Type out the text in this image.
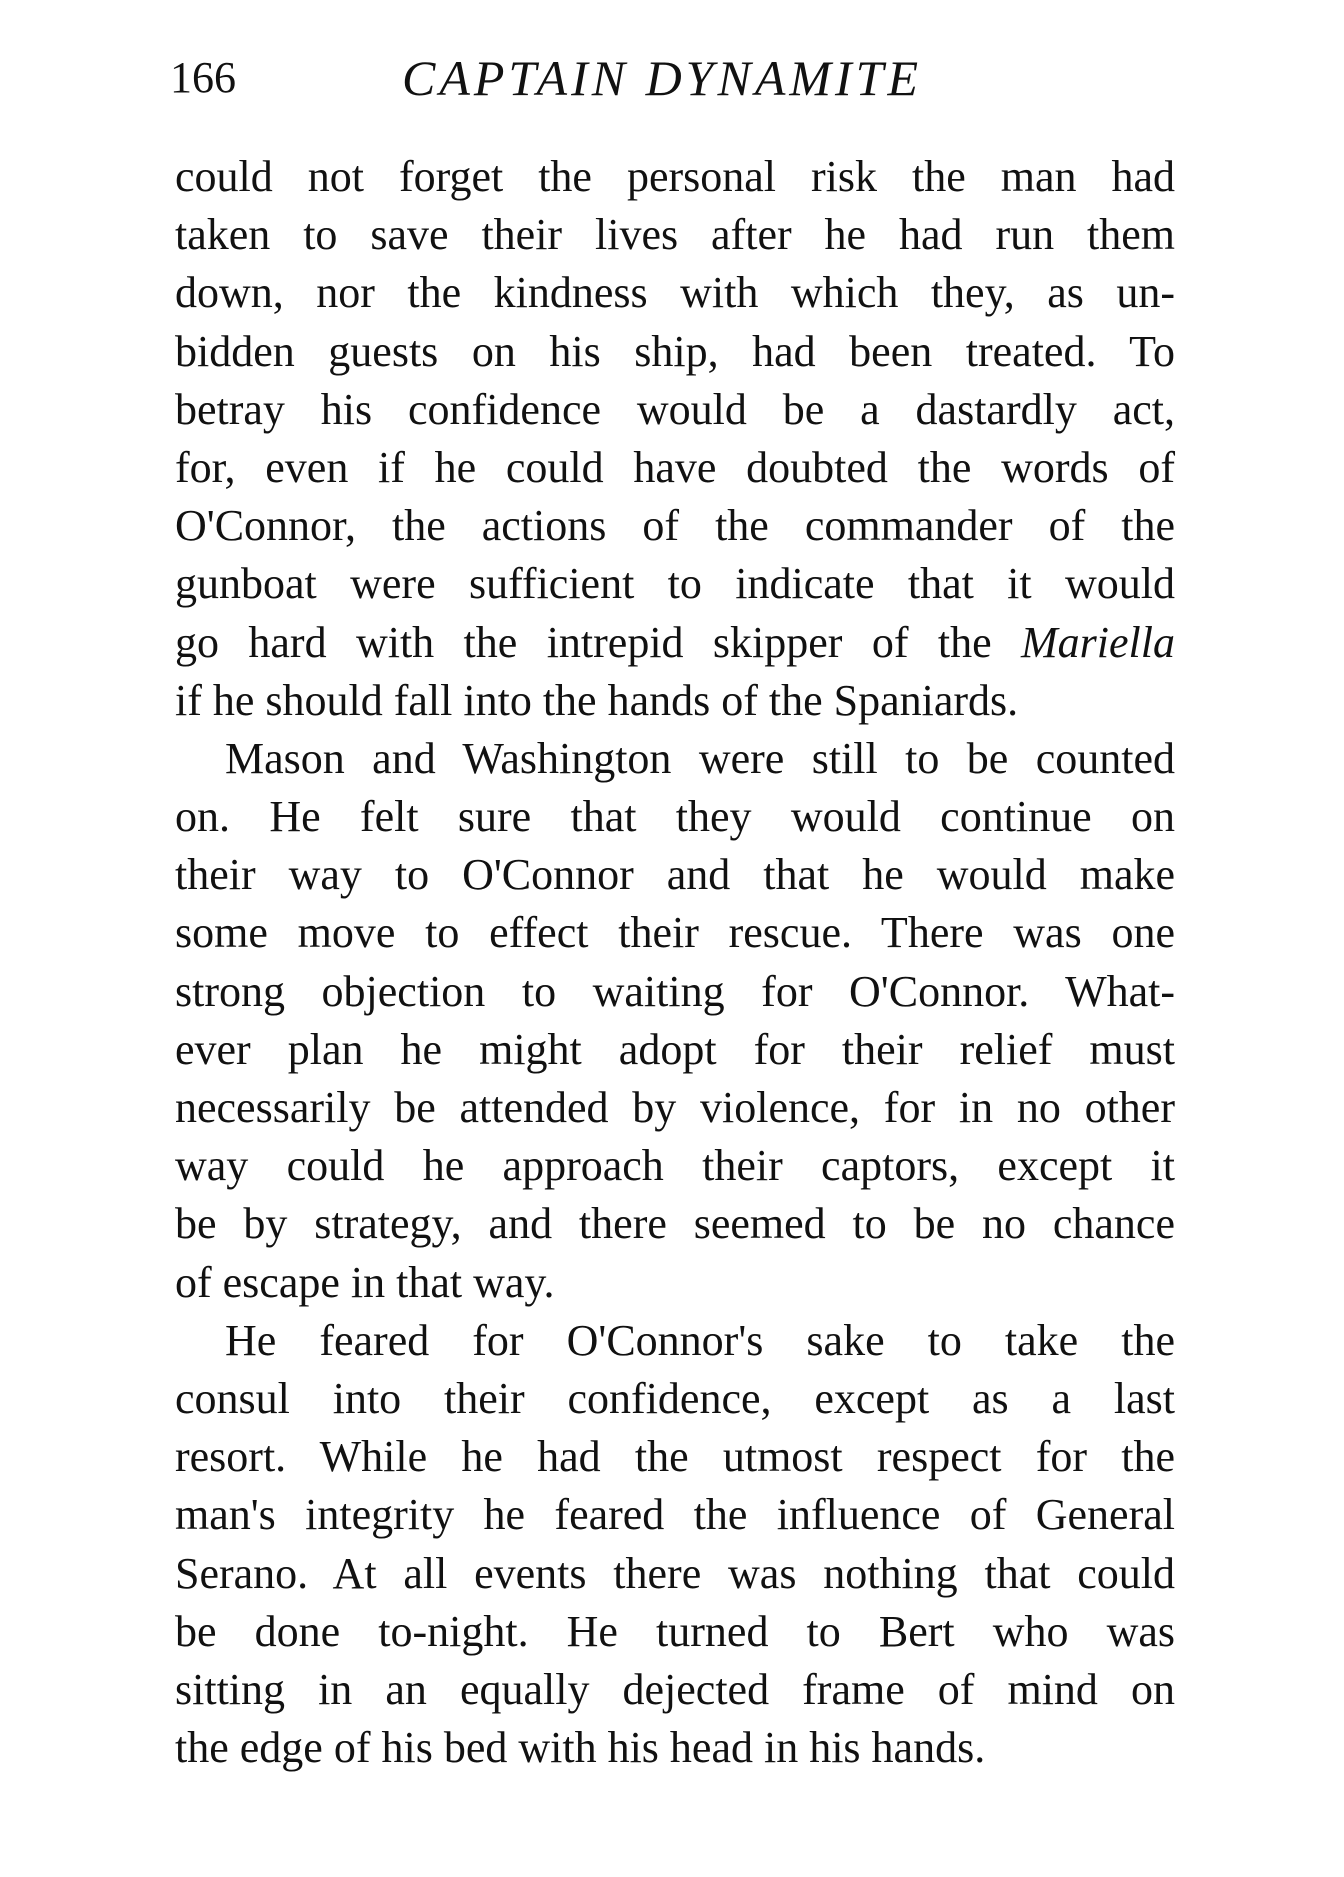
166	CAPTAIN DYNAMITE
could not forget the personal risk the man had
taken to save their lives after he had run them
down, nor the kindness with which they, as un-
bidden guests on his ship, had been treated. To
betray his confidence would be a dastardly act,
for, even if he could have doubted the words of
O'Connor, the actions of the commander of the
gunboat were sufficient to indicate that it would
go hard with the intrepid skipper of the Mariella
if he should fall into the hands of the Spaniards.
Mason and Washington were still to be counted
on. He felt sure that they would continue on
their way to O'Connor and that he would make
some move to effect their rescue. There was one
strong objection to waiting for O'Connor. What-
ever plan he might adopt for their relief must
necessarily be attended by violence, for in no other
way could he approach their captors, except it
be by strategy, and there seemed to be no chance
of escape in that way.
He feared for O'Connor's sake to take the
consul into their confidence, except as a last
resort. While he had the utmost respect for the
man's integrity he feared the influence of General
Serano. At all events there was nothing that could
be done to-night. He turned to Bert who was
sitting in an equally dejected frame of mind on
the edge of his bed with his head in his hands.
